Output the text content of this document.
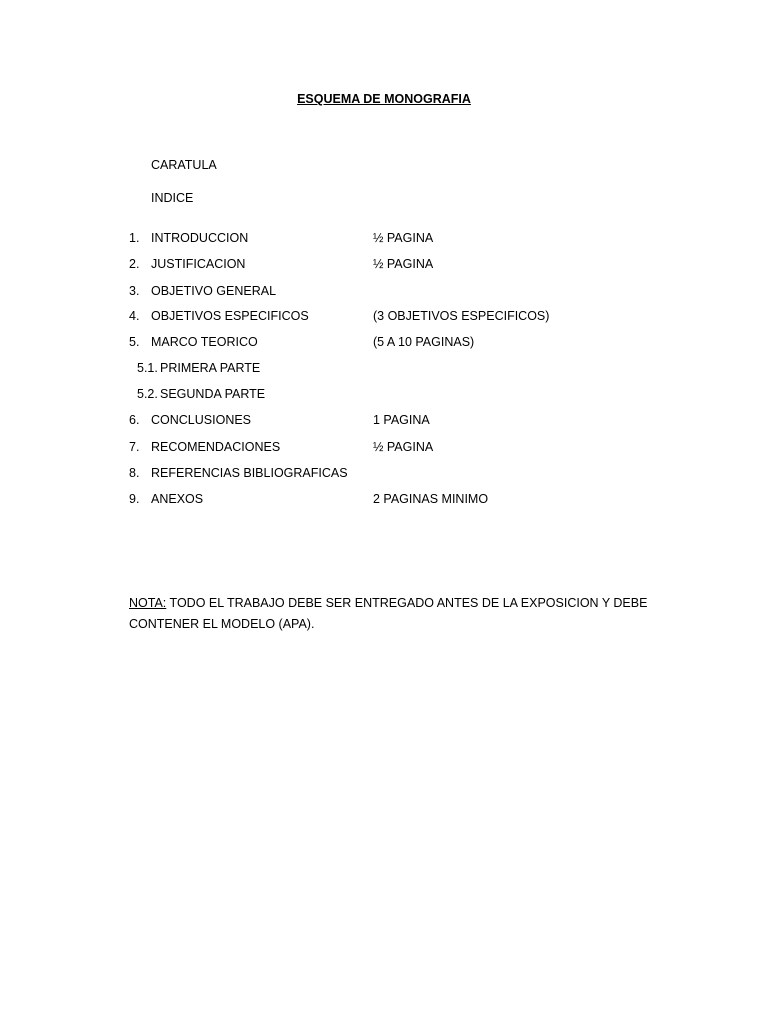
ESQUEMA DE MONOGRAFIA
CARATULA
INDICE
1. INTRODUCCION	½ PAGINA
2. JUSTIFICACION	½ PAGINA
3. OBJETIVO GENERAL
4. OBJETIVOS ESPECIFICOS	(3 OBJETIVOS ESPECIFICOS)
5. MARCO TEORICO	(5 A 10 PAGINAS)
5.1. PRIMERA PARTE
5.2. SEGUNDA PARTE
6. CONCLUSIONES	1 PAGINA
7. RECOMENDACIONES	½ PAGINA
8. REFERENCIAS BIBLIOGRAFICAS
9. ANEXOS	2 PAGINAS MINIMO
NOTA: TODO EL TRABAJO DEBE SER ENTREGADO ANTES DE LA EXPOSICION Y DEBE CONTENER EL MODELO (APA).
